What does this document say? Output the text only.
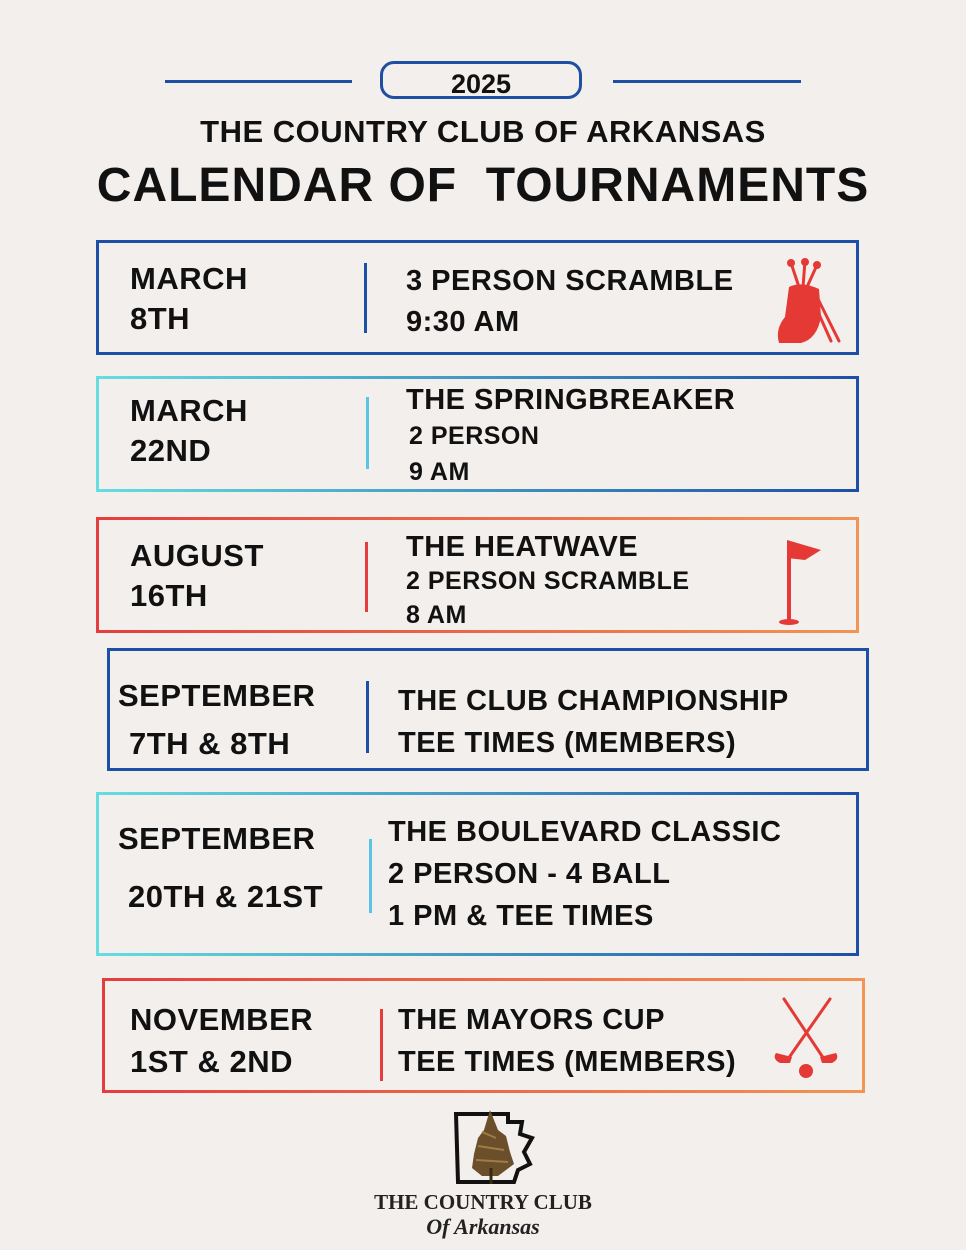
2025
THE COUNTRY CLUB OF ARKANSAS
CALENDAR OF  TOURNAMENTS
MARCH
8TH
3 PERSON SCRAMBLE
9:30 AM
MARCH
22ND
THE SPRINGBREAKER
2 PERSON
9 AM
AUGUST
16TH
THE HEATWAVE
2 PERSON SCRAMBLE
8 AM
SEPTEMBER
7TH & 8TH
THE CLUB CHAMPIONSHIP
TEE TIMES (MEMBERS)
SEPTEMBER
20TH & 21ST
THE BOULEVARD CLASSIC
2 PERSON - 4 BALL
1 PM & TEE TIMES
NOVEMBER
1ST & 2ND
THE MAYORS CUP
TEE TIMES (MEMBERS)
THE COUNTRY CLUB
Of Arkansas
